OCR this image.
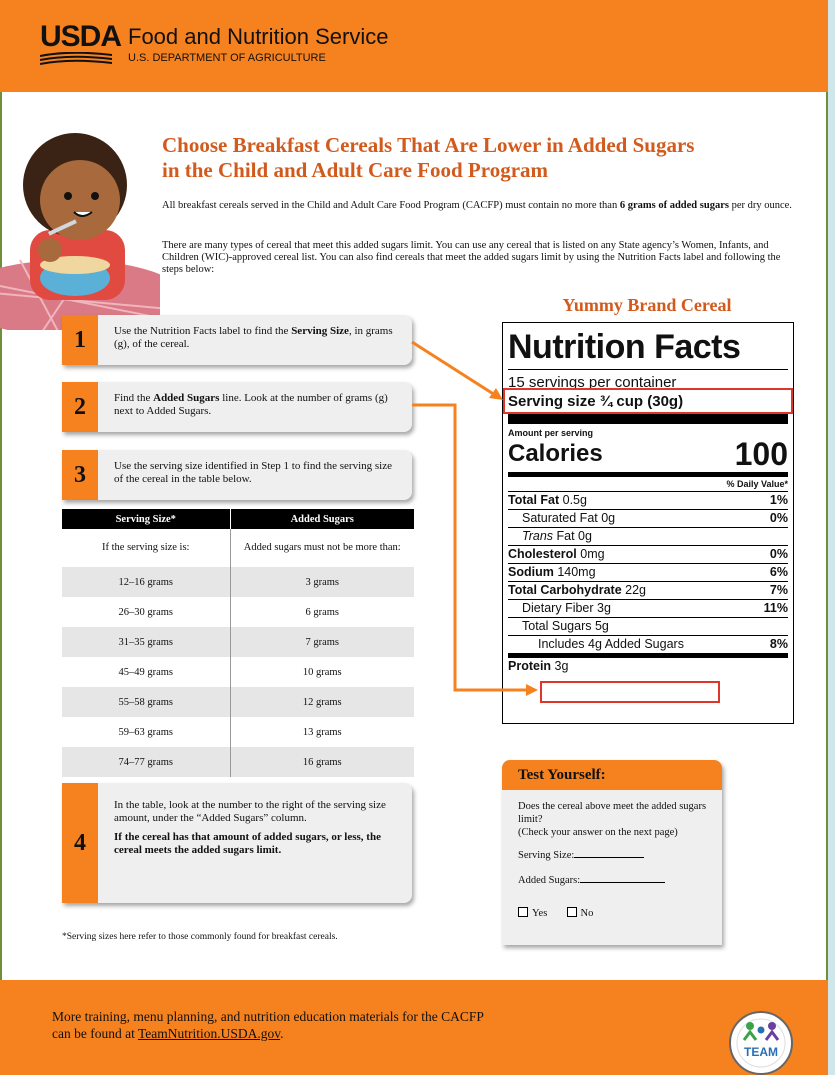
USDA Food and Nutrition Service
U.S. DEPARTMENT OF AGRICULTURE
Choose Breakfast Cereals That Are Lower in Added Sugars
in the Child and Adult Care Food Program
All breakfast cereals served in the Child and Adult Care Food Program (CACFP) must contain no more than 6 grams of added sugars per dry ounce.
There are many types of cereal that meet this added sugars limit. You can use any cereal that is listed on any State agency’s Women, Infants, and Children (WIC)-approved cereal list. You can also find cereals that meet the added sugars limit by using the Nutrition Facts label and following the steps below:
1	Use the Nutrition Facts label to find the Serving Size, in grams (g), of the cereal.
2	Find the Added Sugars line. Look at the number of grams (g) next to Added Sugars.
3	Use the serving size identified in Step 1 to find the serving size of the cereal in the table below.
Serving Size*	Added Sugars
If the serving size is:	Added sugars must not be more than:
12–16 grams	3 grams
26–30 grams	6 grams
31–35 grams	7 grams
45–49 grams	10 grams
55–58 grams	12 grams
59–63 grams	13 grams
74–77 grams	16 grams
4
In the table, look at the number to the right of the serving size amount, under the “Added Sugars” column.
If the cereal has that amount of added sugars, or less, the cereal meets the added sugars limit.
*Serving sizes here refer to those commonly found for breakfast cereals.
Yummy Brand Cereal
Nutrition Facts
15 servings per container
Serving size ¾ cup (30g)
Amount per serving
Calories	100
% Daily Value*
Total Fat 0.5g	1%
Saturated Fat 0g	0%
Trans Fat 0g
Cholesterol 0mg	0%
Sodium 140mg	6%
Total Carbohydrate 22g	7%
Dietary Fiber 3g	11%
Total Sugars 5g
Includes 4g Added Sugars	8%
Protein 3g
Test Yourself:
Does the cereal above meet the added sugars limit?
(Check your answer on the next page)
Serving Size:
Added Sugars:
Yes	No
More training, menu planning, and nutrition education materials for the CACFP
can be found at TeamNutrition.USDA.gov.
TEAM
